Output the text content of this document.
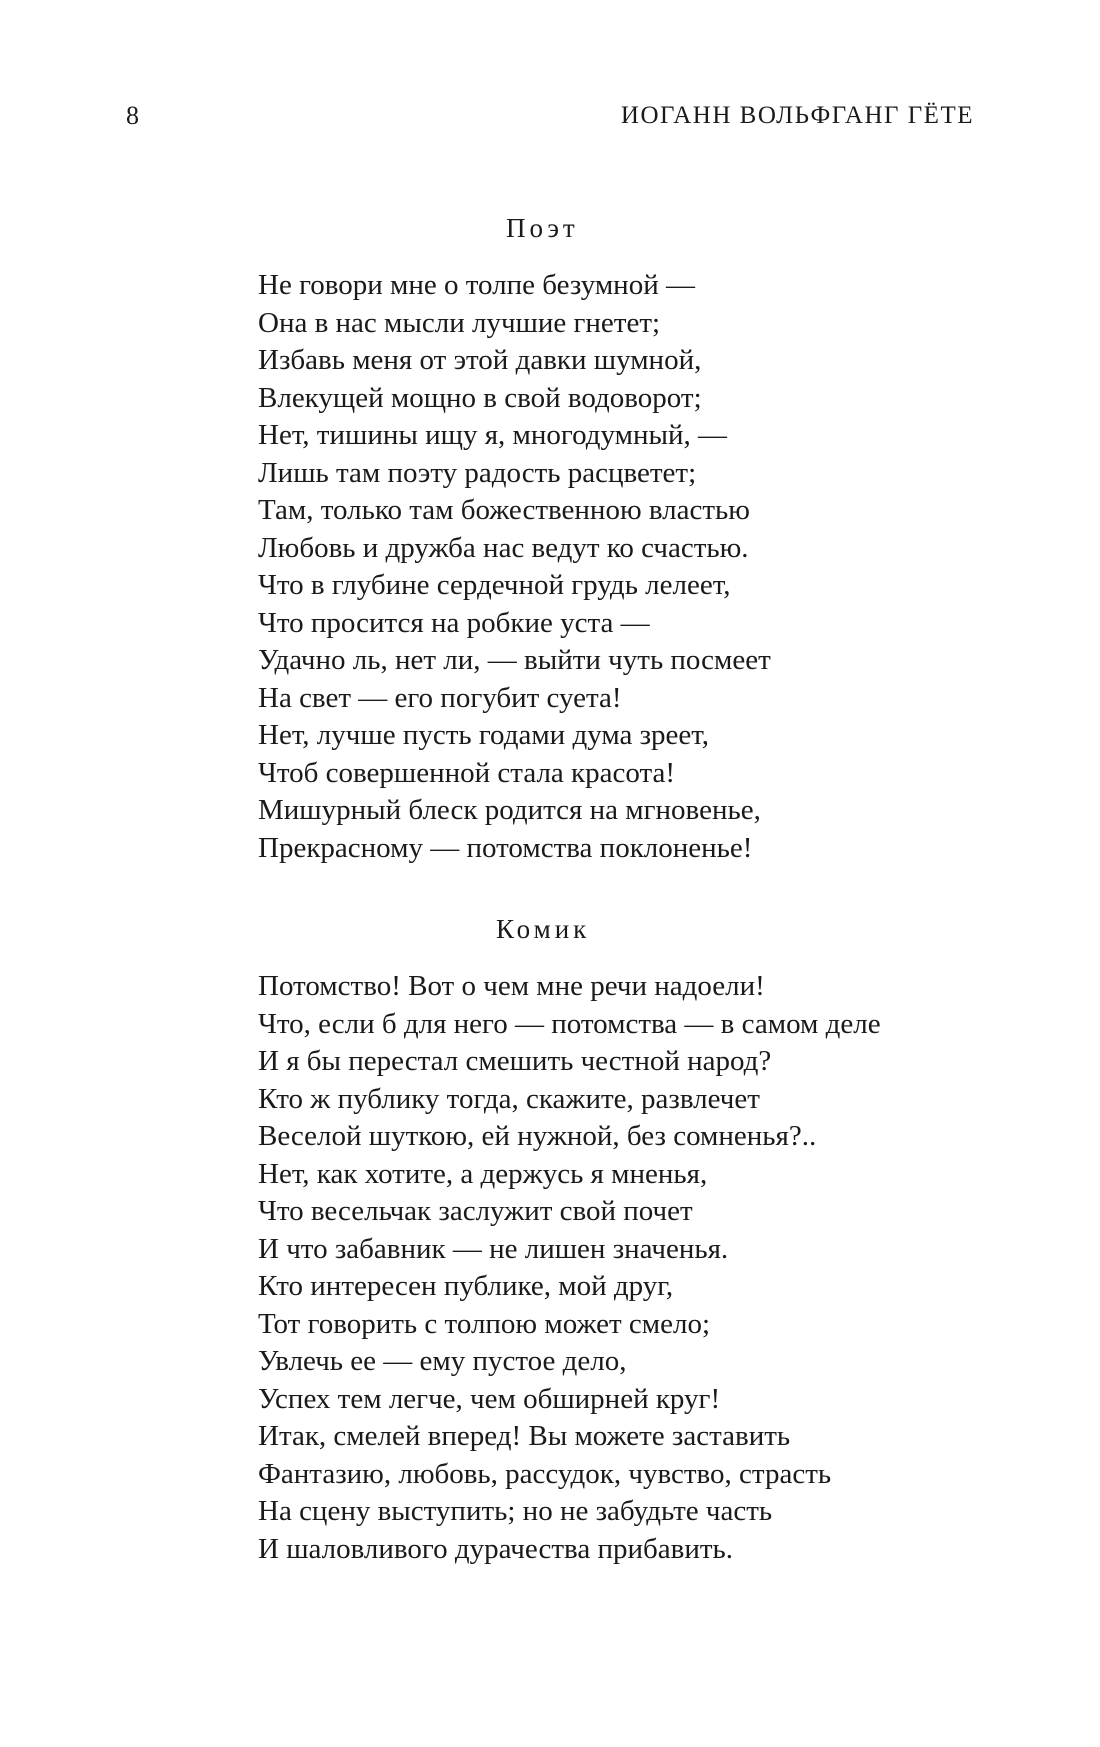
8	ИОГАНН ВОЛЬФГАНГ ГЁТЕ
Поэт
Не говори мне о толпе безумной —
Она в нас мысли лучшие гнетет;
Избавь меня от этой давки шумной,
Влекущей мощно в свой водоворот;
Нет, тишины ищу я, многодумный, —
Лишь там поэту радость расцветет;
Там, только там божественною властью
Любовь и дружба нас ведут ко счастью.
Что в глубине сердечной грудь лелеет,
Что просится на робкие уста —
Удачно ль, нет ли, — выйти чуть посмеет
На свет — его погубит суета!
Нет, лучше пусть годами дума зреет,
Чтоб совершенной стала красота!
Мишурный блеск родится на мгновенье,
Прекрасному — потомства поклоненье!
Комик
Потомство! Вот о чем мне речи надоели!
Что, если б для него — потомства — в самом деле
И я бы перестал смешить честной народ?
Кто ж публику тогда, скажите, развлечет
Веселой шуткою, ей нужной, без сомненья?..
Нет, как хотите, а держусь я мненья,
Что весельчак заслужит свой почет
И что забавник — не лишен значенья.
Кто интересен публике, мой друг,
Тот говорить с толпою может смело;
Увлечь ее — ему пустое дело,
Успех тем легче, чем обширней круг!
Итак, смелей вперед! Вы можете заставить
Фантазию, любовь, рассудок, чувство, страсть
На сцену выступить; но не забудьте часть
И шаловливого дурачества прибавить.
